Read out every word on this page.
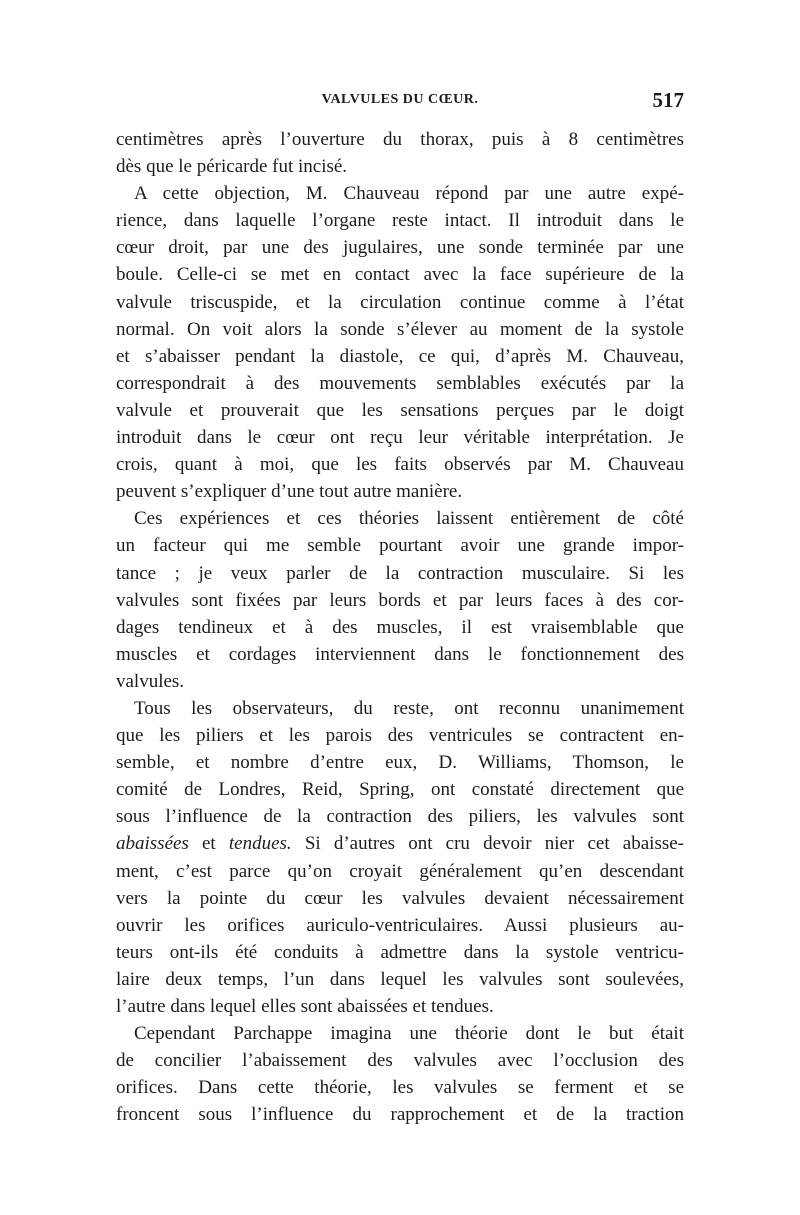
VALVULES DU CŒUR.	517

centimètres après l’ouverture du thorax, puis à 8 centimètres
dès que le péricarde fut incisé.

A cette objection, M. Chauveau répond par une autre expé-
rience, dans laquelle l’organe reste intact. Il introduit dans le
cœur droit, par une des jugulaires, une sonde terminée par une
boule. Celle-ci se met en contact avec la face supérieure de la
valvule triscuspide, et la circulation continue comme à l’état
normal. On voit alors la sonde s’élever au moment de la systole
et s’abaisser pendant la diastole, ce qui, d’après M. Chauveau,
correspondrait à des mouvements semblables exécutés par la
valvule et prouverait que les sensations perçues par le doigt
introduit dans le cœur ont reçu leur véritable interprétation. Je
crois, quant à moi, que les faits observés par M. Chauveau
peuvent s’expliquer d’une tout autre manière.

Ces expériences et ces théories laissent entièrement de côté
un facteur qui me semble pourtant avoir une grande impor-
tance ; je veux parler de la contraction musculaire. Si les
valvules sont fixées par leurs bords et par leurs faces à des cor-
dages tendineux et à des muscles, il est vraisemblable que
muscles et cordages interviennent dans le fonctionnement des
valvules.

Tous les observateurs, du reste, ont reconnu unanimement
que les piliers et les parois des ventricules se contractent en-
semble, et nombre d’entre eux, D. Williams, Thomson, le
comité de Londres, Reid, Spring, ont constaté directement que
sous l’influence de la contraction des piliers, les valvules sont
abaissées et tendues. Si d’autres ont cru devoir nier cet abaisse-
ment, c’est parce qu’on croyait généralement qu’en descendant
vers la pointe du cœur les valvules devaient nécessairement
ouvrir les orifices auriculo-ventriculaires. Aussi plusieurs au-
teurs ont-ils été conduits à admettre dans la systole ventricu-
laire deux temps, l’un dans lequel les valvules sont soulevées,
l’autre dans lequel elles sont abaissées et tendues.

Cependant Parchappe imagina une théorie dont le but était
de concilier l’abaissement des valvules avec l’occlusion des
orifices. Dans cette théorie, les valvules se ferment et se
froncent sous l’influence du rapprochement et de la traction
